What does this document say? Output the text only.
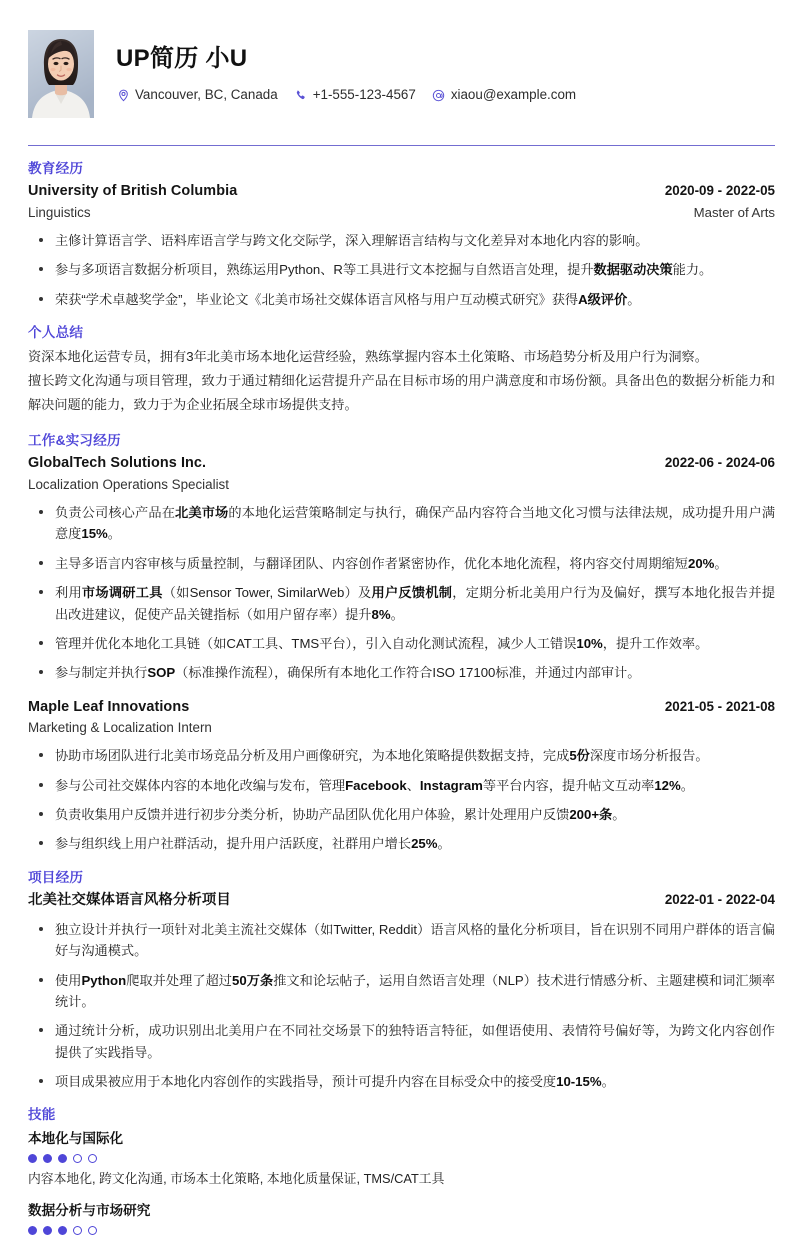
UP简历 小U
Vancouver, BC, Canada	+1-555-123-4567	xiaou@example.com
教育经历
University of British Columbia	2020-09 - 2022-05
Linguistics	Master of Arts
主修计算语言学、语料库语言学与跨文化交际学，深入理解语言结构与文化差异对本地化内容的影响。
参与多项语言数据分析项目，熟练运用Python、R等工具进行文本挖掘与自然语言处理，提升数据驱动决策能力。
荣获“学术卓越奖学金”，毕业论文《北美市场社交媒体语言风格与用户互动模式研究》获得A级评价。
个人总结

资深本地化运营专员，拥有3年北美市场本地化运营经验，熟练掌握内容本土化策略、市场趋势分析及用户行为洞察。

擅长跨文化沟通与项目管理，致力于通过精细化运营提升产品在目标市场的用户满意度和市场份额。具备出色的数据分析能力和解决问题的能力，致力于为企业拓展全球市场提供支持。

工作&实习经历
GlobalTech Solutions Inc.	2022-06 - 2024-06
Localization Operations Specialist
负责公司核心产品在北美市场的本地化运营策略制定与执行，确保产品内容符合当地文化习惯与法律法规，成功提升用户满意度15%。
主导多语言内容审核与质量控制，与翻译团队、内容创作者紧密协作，优化本地化流程，将内容交付周期缩短20%。
利用市场调研工具（如Sensor Tower, SimilarWeb）及用户反馈机制，定期分析北美用户行为及偏好，撰写本地化报告并提出改进建议，促使产品关键指标（如用户留存率）提升8%。
管理并优化本地化工具链（如CAT工具、TMS平台），引入自动化测试流程，减少人工错误10%，提升工作效率。
参与制定并执行SOP（标准操作流程），确保所有本地化工作符合ISO 17100标准，并通过内部审计。
Maple Leaf Innovations	2021-05 - 2021-08
Marketing & Localization Intern
协助市场团队进行北美市场竞品分析及用户画像研究，为本地化策略提供数据支持，完成5份深度市场分析报告。
参与公司社交媒体内容的本地化改编与发布，管理Facebook、Instagram等平台内容，提升帖文互动率12%。
负责收集用户反馈并进行初步分类分析，协助产品团队优化用户体验，累计处理用户反馈200+条。
参与组织线上用户社群活动，提升用户活跃度，社群用户增长25%。
项目经历
北美社交媒体语言风格分析项目	2022-01 - 2022-04
独立设计并执行一项针对北美主流社交媒体（如Twitter, Reddit）语言风格的量化分析项目，旨在识别不同用户群体的语言偏好与沟通模式。
使用Python爬取并处理了超过50万条推文和论坛帖子，运用自然语言处理（NLP）技术进行情感分析、主题建模和词汇频率统计。
通过统计分析，成功识别出北美用户在不同社交场景下的独特语言特征，如俚语使用、表情符号偏好等，为跨文化内容创作提供了实践指导。
项目成果被应用于本地化内容创作的实践指导，预计可提升内容在目标受众中的接受度10-15%。
技能
本地化与国际化
内容本地化, 跨文化沟通, 市场本土化策略, 本地化质量保证, TMS/CAT工具
数据分析与市场研究
